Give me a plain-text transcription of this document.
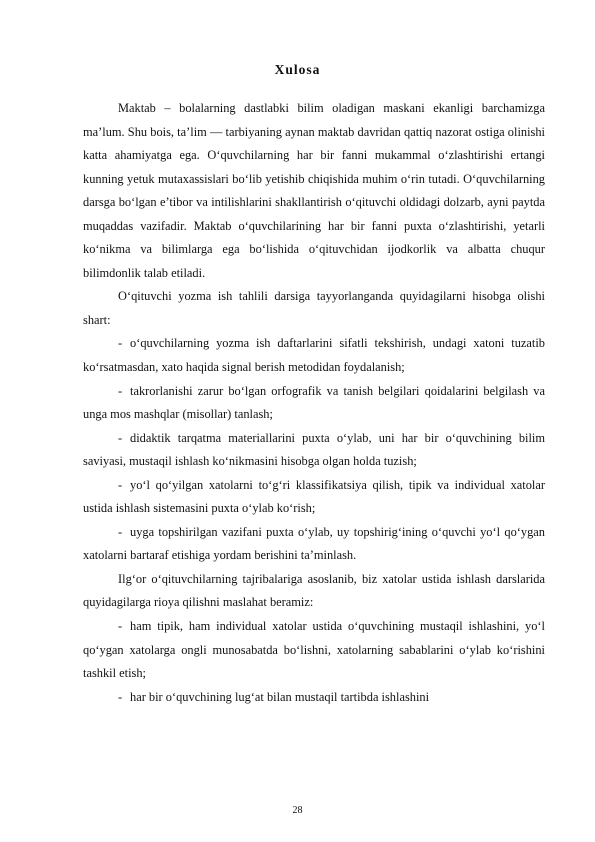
Xulosa

Maktab – bolalarning dastlabki bilim oladigan maskani ekanligi barchamizga ma’lum. Shu bois, ta’lim — tarbiyaning aynan maktab davridan qattiq nazorat ostiga olinishi katta ahamiyatga ega. O‘quvchilarning har bir fanni mukammal o‘zlashtirishi ertangi kunning yetuk mutaxassislari bo‘lib yetishib chiqishida muhim o‘rin tutadi. O‘quvchilarning darsga bo‘lgan e’tibor va intilishlarini shakllantirish o‘qituvchi oldidagi dolzarb, ayni paytda muqaddas vazifadir. Maktab o‘quvchilarining har bir fanni puxta o‘zlashtirishi, yetarli ko‘nikma va bilimlarga ega bo‘lishida o‘qituvchidan ijodkorlik va albatta chuqur bilimdonlik talab etiladi.

O‘qituvchi yozma ish tahlili darsiga tayyorlanganda quyidagilarni hisobga olishi shart:

- o‘quvchilarning yozma ish daftarlarini sifatli tekshirish, undagi xatoni tuzatib ko‘rsatmasdan, xato haqida signal berish metodidan foydalanish;

- takrorlanishi zarur bo‘lgan orfografik va tanish belgilari qoidalarini belgilash va unga mos mashqlar (misollar) tanlash;

- didaktik tarqatma materiallarini puxta o‘ylab, uni har bir o‘quvchining bilim saviyasi, mustaqil ishlash ko‘nikmasini hisobga olgan holda tuzish;

- yo‘l qo‘yilgan xatolarni to‘g‘ri klassifikatsiya qilish, tipik va individual xatolar ustida ishlash sistemasini puxta o‘ylab ko‘rish;

- uyga topshirilgan vazifani puxta o‘ylab, uy topshirig‘ining o‘quvchi yo‘l qo‘ygan xatolarni bartaraf etishiga yordam berishini ta’minlash.

Ilg‘or o‘qituvchilarning tajribalariga asoslanib, biz xatolar ustida ishlash darslarida quyidagilarga rioya qilishni maslahat beramiz:

- ham tipik, ham individual xatolar ustida o‘quvchining mustaqil ishlashini, yo‘l qo‘ygan xatolarga ongli munosabatda bo‘lishni, xatolarning sabablarini o‘ylab ko‘rishini tashkil etish;

- har bir o‘quvchining lug‘at bilan mustaqil tartibda ishlashini

28
